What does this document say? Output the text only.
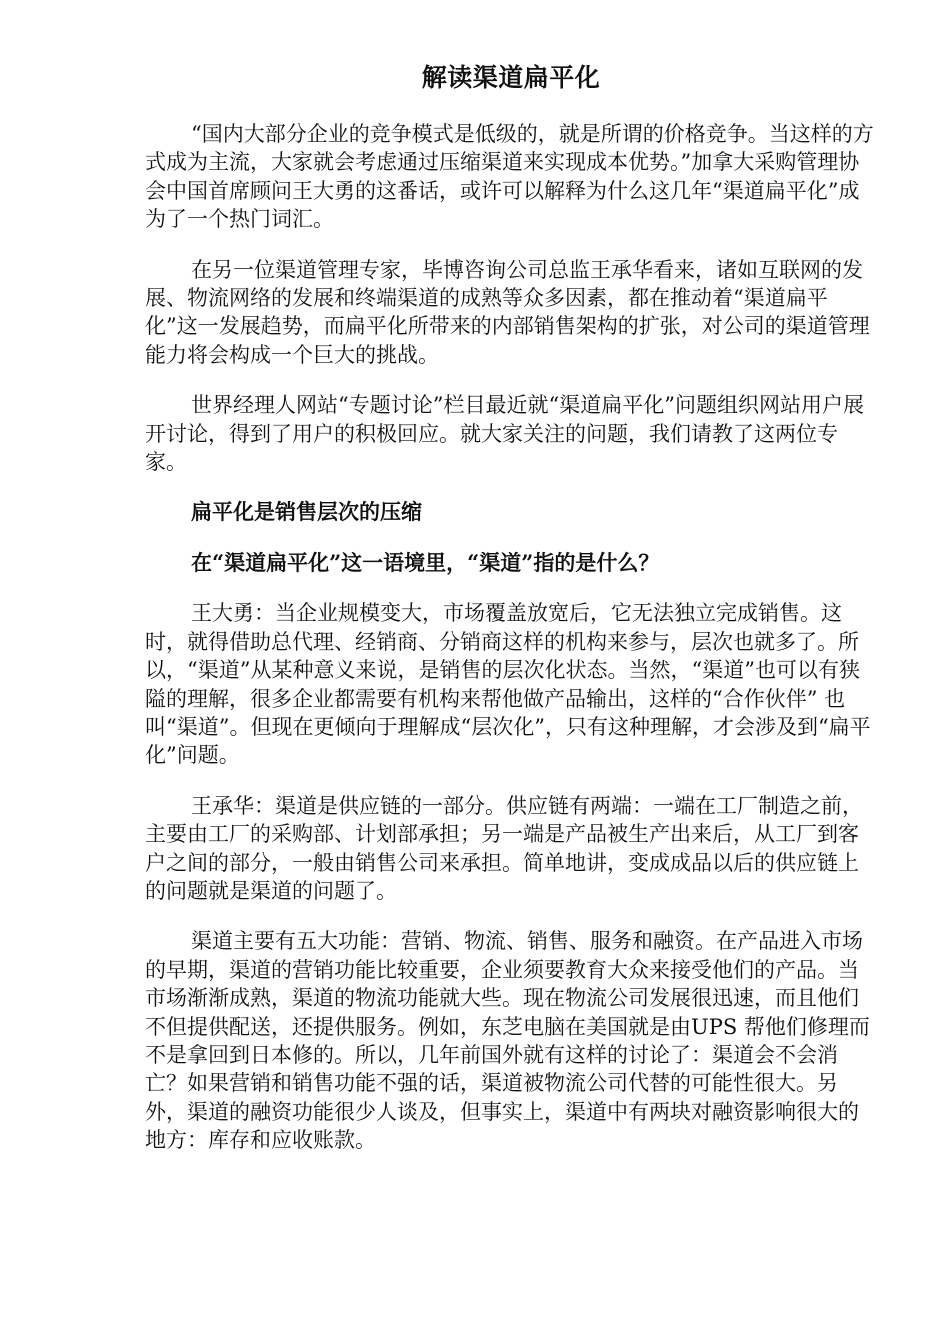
解读渠道扁平化

“国内大部分企业的竞争模式是低级的，就是所谓的价格竞争。当这样的方式成为主流，大家就会考虑通过压缩渠道来实现成本优势。”加拿大采购管理协会中国首席顾问王大勇的这番话，或许可以解释为什么这几年“渠道扁平化”成为了一个热门词汇。

在另一位渠道管理专家，毕博咨询公司总监王承华看来，诸如互联网的发展、物流网络的发展和终端渠道的成熟等众多因素，都在推动着“渠道扁平化”这一发展趋势，而扁平化所带来的内部销售架构的扩张，对公司的渠道管理能力将会构成一个巨大的挑战。

世界经理人网站“专题讨论”栏目最近就“渠道扁平化”问题组织网站用户展开讨论，得到了用户的积极回应。就大家关注的问题，我们请教了这两位专家。

扁平化是销售层次的压缩

在“渠道扁平化”这一语境里，“渠道”指的是什么？

王大勇：当企业规模变大，市场覆盖放宽后，它无法独立完成销售。这时，就得借助总代理、经销商、分销商这样的机构来参与，层次也就多了。所以，“渠道”从某种意义来说，是销售的层次化状态。当然，“渠道”也可以有狭隘的理解，很多企业都需要有机构来帮他做产品输出，这样的“合作伙伴” 也叫“渠道”。但现在更倾向于理解成“层次化”，只有这种理解，才会涉及到“扁平化”问题。

王承华：渠道是供应链的一部分。供应链有两端：一端在工厂制造之前，主要由工厂的采购部、计划部承担；另一端是产品被生产出来后，从工厂到客户之间的部分，一般由销售公司来承担。简单地讲，变成成品以后的供应链上的问题就是渠道的问题了。

渠道主要有五大功能：营销、物流、销售、服务和融资。在产品进入市场的早期，渠道的营销功能比较重要，企业须要教育大众来接受他们的产品。当市场渐渐成熟，渠道的物流功能就大些。现在物流公司发展很迅速，而且他们不但提供配送，还提供服务。例如，东芝电脑在美国就是由UPS 帮他们修理而 不是拿回到日本修的。所以，几年前国外就有这样的讨论了：渠道会不会消亡？如果营销和销售功能不强的话，渠道被物流公司代替的可能性很大。另外，渠道的融资功能很少人谈及，但事实上，渠道中有两块对融资影响很大的地方：库存和应收账款。
